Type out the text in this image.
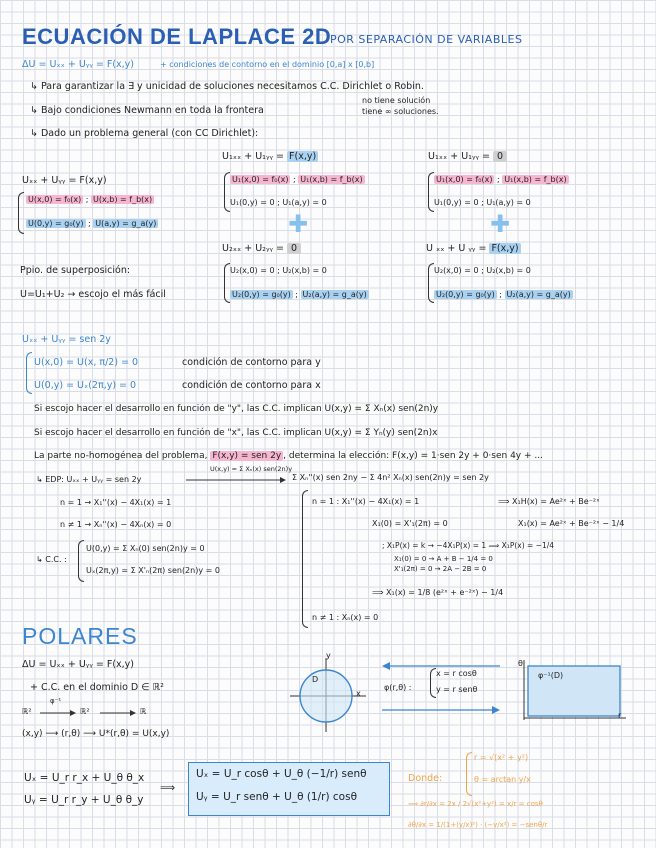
ECUACIÓN DE LAPLACE 2D
POR SEPARACIÓN DE VARIABLES
ΔU = Uₓₓ + Uᵧᵧ = F(x,y)	+ condiciones de contorno en el dominio [0,a] x [0,b]
↳ Para garantizar la ∃ y unicidad de soluciones necesitamos C.C. Dirichlet o Robin.
↳ Bajo condiciones Newmann en toda la frontera
no tiene solución
tiene ∞ soluciones.
↳ Dado un problema general (con CC Dirichlet):
Uₓₓ + Uᵧᵧ = F(x,y)
U(x,0) = f₀(x) ; U(x,b) = f_b(x)
U(0,y) = g₀(y) ; U(a,y) = g_a(y)
Ppio. de superposición:
U=U₁+U₂ → escojo el más fácil
U₁ₓₓ + U₁ᵧᵧ = F(x,y)
U₁(x,0) = f₀(x) ; U₁(x,b) = f_b(x)
U₁(0,y) = 0 ; U₁(a,y) = 0
✚
U₁ₓₓ + U₁ᵧᵧ = 0
U₁(x,0) = f₀(x) ; U₁(x,b) = f_b(x)
U₁(0,y) = 0 ; U₁(a,y) = 0
✚
U₂ₓₓ + U₂ᵧᵧ = 0
U₂(x,0) = 0 ; U₂(x,b) = 0
U₂(0,y) = g₀(y) ; U₂(a,y) = g_a(y)
U ₓₓ + U ᵧᵧ = F(x,y)
U₂(x,0) = 0 ; U₂(x,b) = 0
U₂(0,y) = g₀(y) ; U₂(a,y) = g_a(y)
Uₓₓ + Uᵧᵧ = sen 2y
U(x,0) = U(x, π/2) = 0	condición de contorno para y
U(0,y) = Uₓ(2π,y) = 0	condición de contorno para x
Si escojo hacer el desarrollo en función de "y", las C.C. implican U(x,y) = Σ Xₙ(x) sen(2n)y
Si escojo hacer el desarrollo en función de "x", las C.C. implican U(x,y) = Σ Yₙ(y) sen(2n)x
La parte no-homogénea del problema, F(x,y) = sen 2y , determina la elección: F(x,y) = 1·sen 2y + 0·sen 4y + ...
U(x,y) = Σ Xₙ(x) sen(2n)y
↳ EDP: Uₓₓ + Uᵧᵧ = sen 2y	Σ Xₙ''(x) sen 2ny − Σ 4n² Xₙ(x) sen(2n)y = sen 2y
n = 1 → X₁''(x) − 4X₁(x) = 1
n ≠ 1 → Xₙ''(x) − 4Xₙ(x) = 0
↳ C.C. :
U(0,y) = Σ Xₙ(0) sen(2n)y = 0
Uₓ(2π,y) = Σ X'ₙ(2π) sen(2n)y = 0
n = 1 : X₁''(x) − 4X₁(x) = 1	⟹ X₁H(x) = Ae²ˣ + Be⁻²ˣ
X₁(0) = X'₁(2π) = 0	X₁(x) = Ae²ˣ + Be⁻²ˣ − 1/4
; X₁P(x) = k → −4X₁P(x) = 1 ⟹ X₁P(x) = −1/4
X₁(0) = 0 → A + B − 1/4 = 0
X'₁(2π) = 0 → 2A − 2B = 0
⟹ X₁(x) = 1/8 (e²ˣ + e⁻²ˣ) − 1/4
n ≠ 1 : Xₙ(x) = 0
POLARES
ΔU = Uₓₓ + Uᵧᵧ = F(x,y)
+ C.C. en el dominio D ∈ ℝ²
ℝ²
φ⁻¹
ℝ²	ℝ
(x,y) ⟶ (r,θ) ⟶ U*(r,θ) = U(x,y)
D
x
y
φ(r,θ) :
x = r cosθ
y = r senθ
θ
r
φ⁻¹(D)
Uₓ = U_r r_x + U_θ θ_x
Uᵧ = U_r r_y + U_θ θ_y
⟹
Uₓ = U_r cosθ + U_θ (−1/r) senθ
Uᵧ = U_r senθ + U_θ (1/r) cosθ
Donde:
r = √(x² + y²)
θ = arctan y/x
⟹ ∂r/∂x = 2x / 2√(x²+y²) = x/r = cosθ
∂θ/∂x = 1/(1+(y/x)²) · (−y/x²) = −senθ/r
